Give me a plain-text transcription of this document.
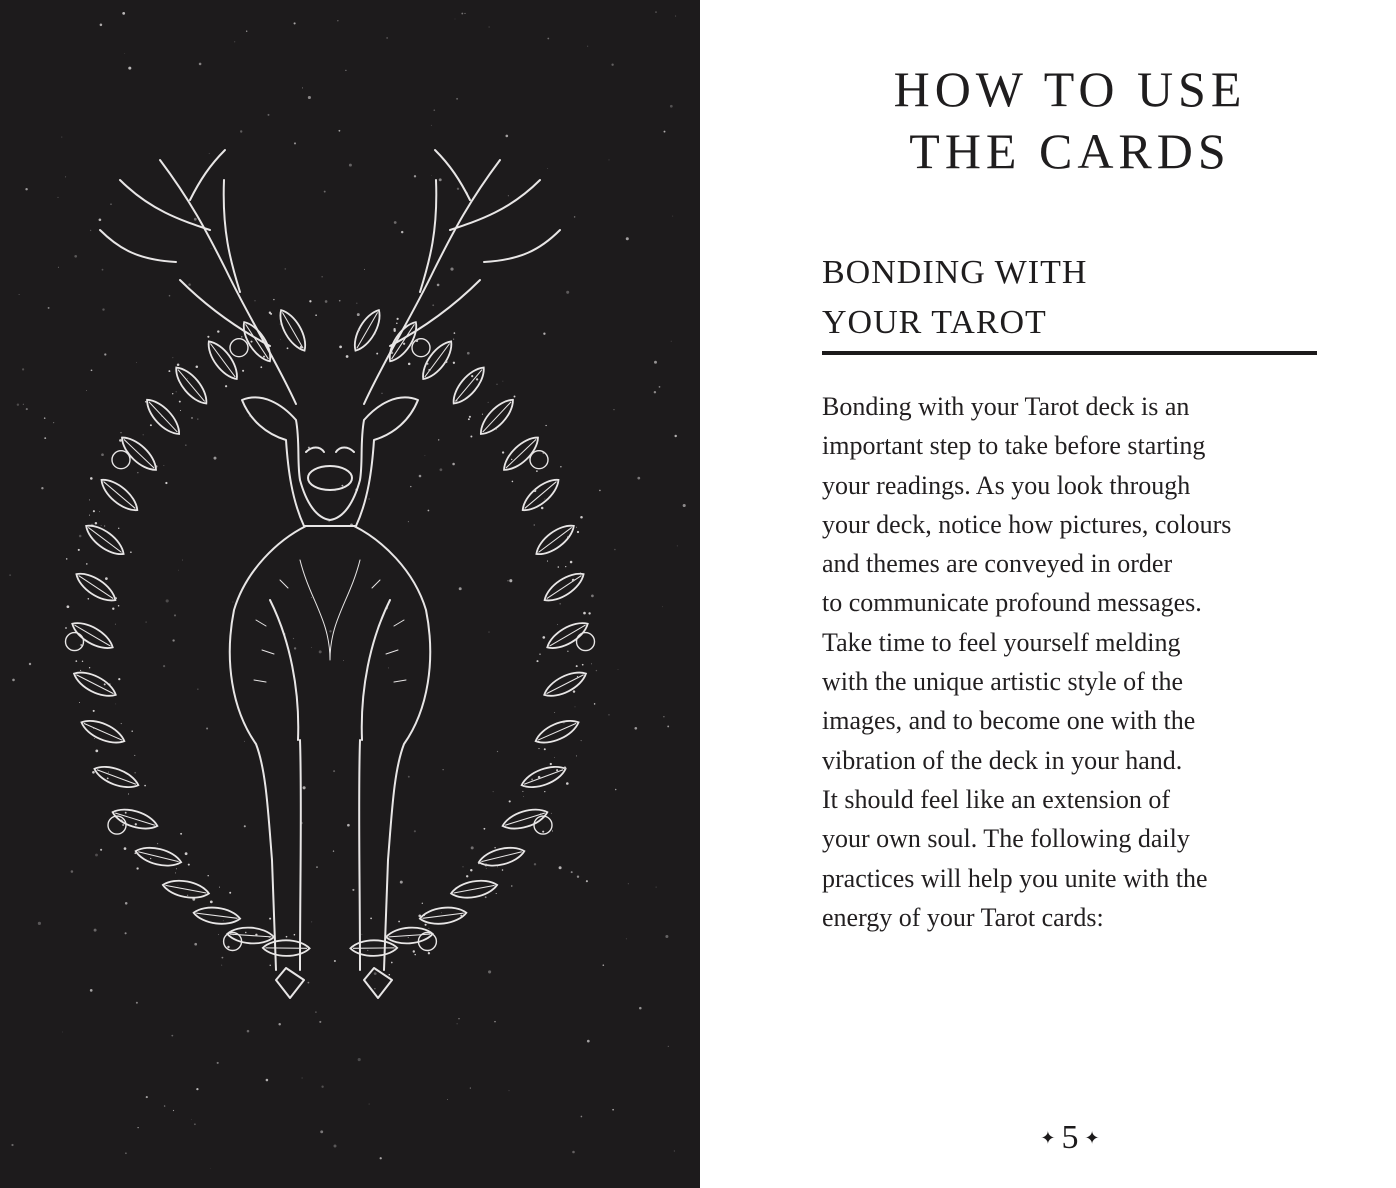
HOW TO USE
THE CARDS
BONDING WITH
YOUR TAROT

Bonding with your Tarot deck is an
important step to take before starting
your readings. As you look through
your deck, notice how pictures, colours
and themes are conveyed in order
to communicate profound messages.
Take time to feel yourself melding
with the unique artistic style of the
images, and to become one with the
vibration of the deck in your hand.
It should feel like an extension of
your own soul. The following daily
practices will help you unite with the
energy of your Tarot cards:

✦ 5 ✦
